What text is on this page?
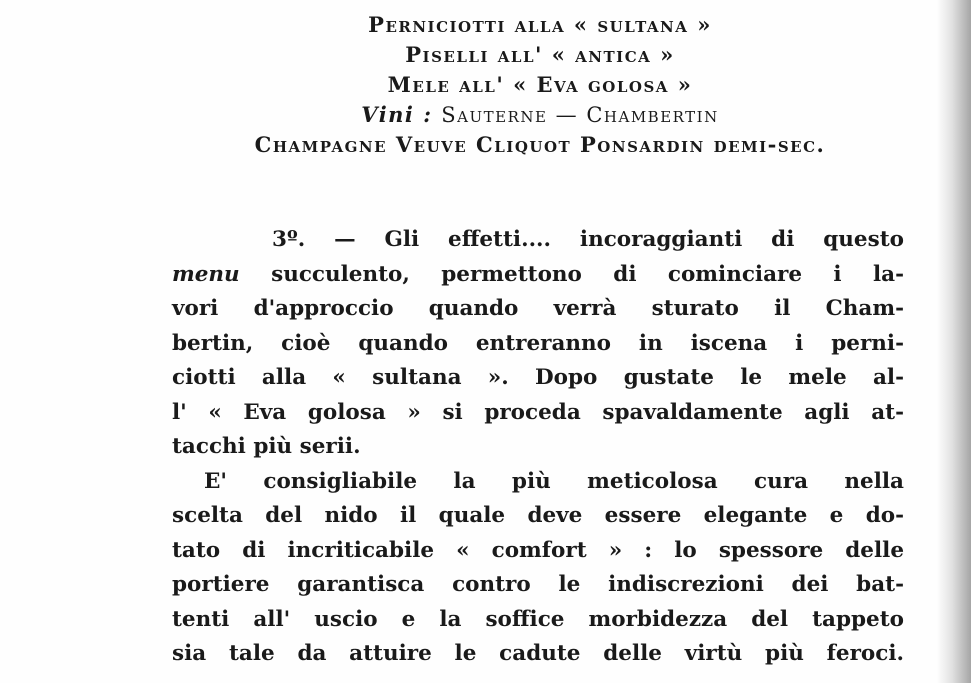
Perniciotti alla « sultana »
Piselli all' « antica »
Mele all' « Eva golosa »
Vini : Sauterne — Chambertin
Champagne Veuve Cliquot Ponsardin demi-sec.
3º. — Gli effetti.... incoraggianti di questo
menu succulento, permettono di cominciare i la-
vori d'approccio quando verrà sturato il Cham-
bertin, cioè quando entreranno in iscena i perni-
ciotti alla « sultana ». Dopo gustate le mele al-
l' « Eva golosa » si proceda spavaldamente agli at-
tacchi più serii.
E' consigliabile la più meticolosa cura nella
scelta del nido il quale deve essere elegante e do-
tato di incriticabile « comfort » : lo spessore delle
portiere garantisca contro le indiscrezioni dei bat-
tenti all' uscio e la soffice morbidezza del tappeto
sia tale da attuire le cadute delle virtù più feroci.
